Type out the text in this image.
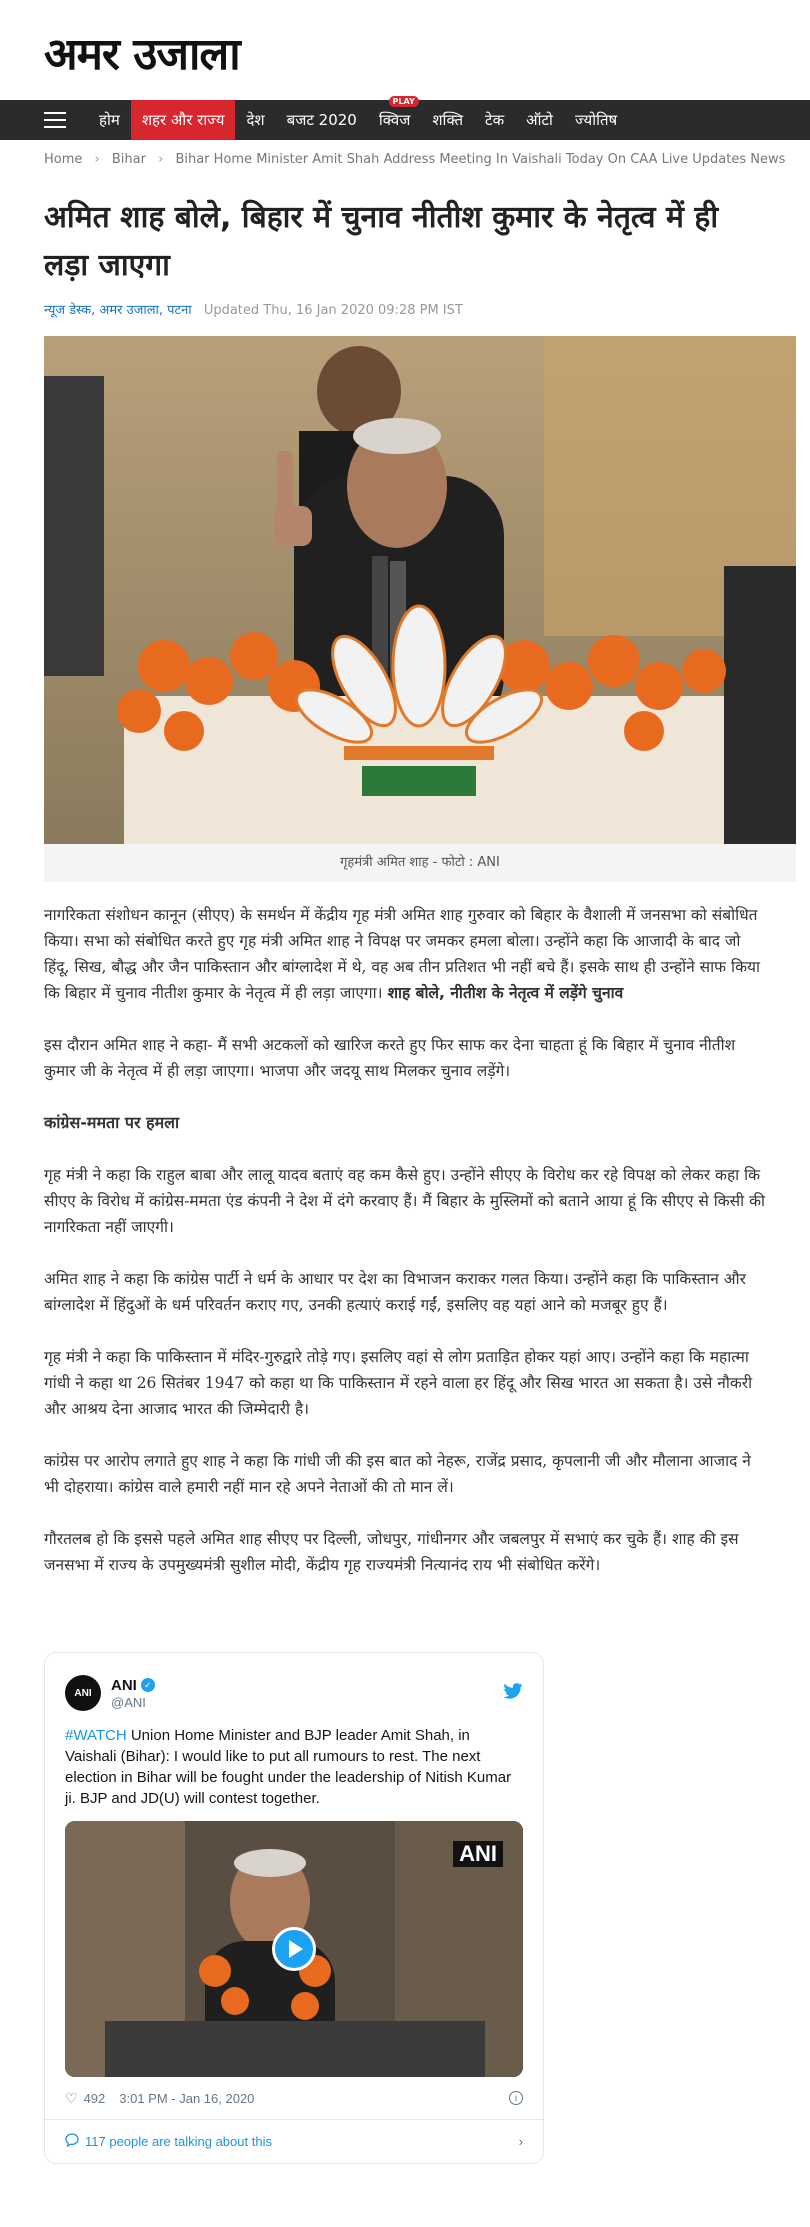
अमर उजाला
होम	शहर और राज्य	देश	बजट 2020	क्विज
PLAY
शक्ति	टेक	ऑटो	ज्योतिष
Home › Bihar › Bihar Home Minister Amit Shah Address Meeting In Vaishali Today On CAA Live Updates News
अमित शाह बोले, बिहार में चुनाव नीतीश कुमार के नेतृत्व में ही लड़ा जाएगा
न्यूज डेस्क, अमर उजाला, पटना Updated Thu, 16 Jan 2020 09:28 PM IST
गृहमंत्री अमित शाह - फोटो : ANI

नागरिकता संशोधन कानून (सीएए) के समर्थन में केंद्रीय गृह मंत्री अमित शाह गुरुवार को बिहार के वैशाली में जनसभा को संबोधित किया। सभा को संबोधित करते हुए गृह मंत्री अमित शाह ने विपक्ष पर जमकर हमला बोला। उन्होंने कहा कि आजादी के बाद जो हिंदू, सिख, बौद्ध और जैन पाकिस्तान और बांग्लादेश में थे, वह अब तीन प्रतिशत भी नहीं बचे हैं। इसके साथ ही उन्होंने साफ किया कि बिहार में चुनाव नीतीश कुमार के नेतृत्व में ही लड़ा जाएगा। शाह बोले, नीतीश के नेतृत्व में लड़ेंगे चुनाव

इस दौरान अमित शाह ने कहा- मैं सभी अटकलों को खारिज करते हुए फिर साफ कर देना चाहता हूं कि बिहार में चुनाव नीतीश कुमार जी के नेतृत्व में ही लड़ा जाएगा। भाजपा और जदयू साथ मिलकर चुनाव लड़ेंगे।

कांग्रेस-ममता पर हमला

गृह मंत्री ने कहा कि राहुल बाबा और लालू यादव बताएं वह कम कैसे हुए। उन्होंने सीएए के विरोध कर रहे विपक्ष को लेकर कहा कि सीएए के विरोध में कांग्रेस-ममता एंड कंपनी ने देश में दंगे करवाए हैं। मैं बिहार के मुस्लिमों को बताने आया हूं कि सीएए से किसी की नागरिकता नहीं जाएगी।

अमित शाह ने कहा कि कांग्रेस पार्टी ने धर्म के आधार पर देश का विभाजन कराकर गलत किया। उन्होंने कहा कि पाकिस्तान और बांग्लादेश में हिंदुओं के धर्म परिवर्तन कराए गए, उनकी हत्याएं कराई गईं, इसलिए वह यहां आने को मजबूर हुए हैं।

गृह मंत्री ने कहा कि पाकिस्तान में मंदिर-गुरुद्वारे तोड़े गए। इसलिए वहां से लोग प्रताड़ित होकर यहां आए। उन्होंने कहा कि महात्मा गांधी ने कहा था 26 सितंबर 1947 को कहा था कि पाकिस्तान में रहने वाला हर हिंदू और सिख भारत आ सकता है। उसे नौकरी और आश्रय देना आजाद भारत की जिम्मेदारी है।

कांग्रेस पर आरोप लगाते हुए शाह ने कहा कि गांधी जी की इस बात को नेहरू, राजेंद्र प्रसाद, कृपलानी जी और मौलाना आजाद ने भी दोहराया। कांग्रेस वाले हमारी नहीं मान रहे अपने नेताओं की तो मान लें।

गौरतलब हो कि इससे पहले अमित शाह सीएए पर दिल्ली, जोधपुर, गांधीनगर और जबलपुर में सभाएं कर चुके हैं। शाह की इस जनसभा में राज्य के उपमुख्यमंत्री सुशील मोदी, केंद्रीय गृह राज्यमंत्री नित्यानंद राय भी संबोधित करेंगे।

ANI	ANI ✓
@ANI
#WATCH Union Home Minister and BJP leader Amit Shah, in Vaishali (Bihar): I would like to put all rumours to rest. The next election in Bihar will be fought under the leadership of Nitish Kumar ji. BJP and JD(U) will contest together.
ANI
♡ 492 3:01 PM - Jan 16, 2020	i
117 people are talking about this	›
